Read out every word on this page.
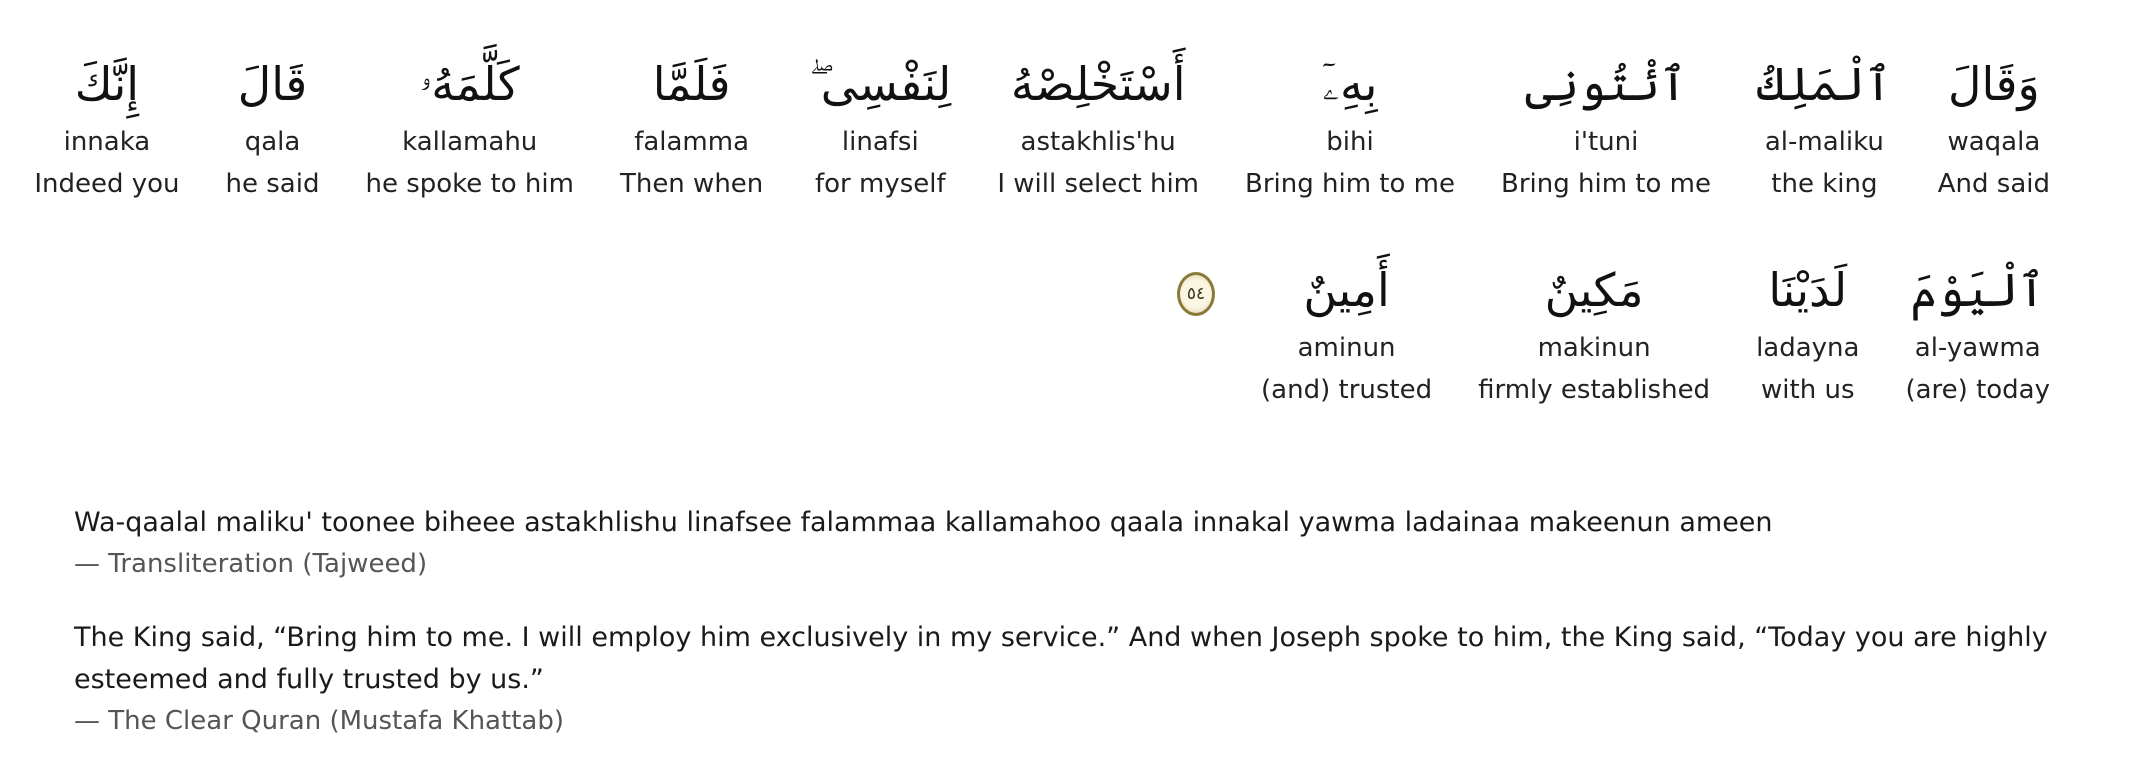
وَقَالَ
waqala
And said
ٱلْمَلِكُ
al-maliku
the king
ٱئْتُونِى
i'tuni
Bring him to me
بِهِۦٓ
bihi
Bring him to me
أَسْتَخْلِصْهُ
astakhlis'hu
I will select him
لِنَفْسِى ۖ
linafsi
for myself
فَلَمَّا
falamma
Then when
كَلَّمَهُۥ
kallamahu
he spoke to him
قَالَ
qala
he said
إِنَّكَ
innaka
Indeed you
ٱلْيَوْمَ
al-yawma
(are) today
لَدَيْنَا
ladayna
with us
مَكِينٌ
makinun
firmly established
أَمِينٌ
aminun
(and) trusted
٥٤
Wa-qaalal maliku' toonee biheee astakhlishu linafsee falammaa kallamahoo qaala innakal yawma ladainaa makeenun ameen
— Transliteration (Tajweed)
The King said, “Bring him to me. I will employ him exclusively in my service.” And when Joseph spoke to him, the King said, “Today you are highly esteemed and fully trusted by us.”
— The Clear Quran (Mustafa Khattab)
